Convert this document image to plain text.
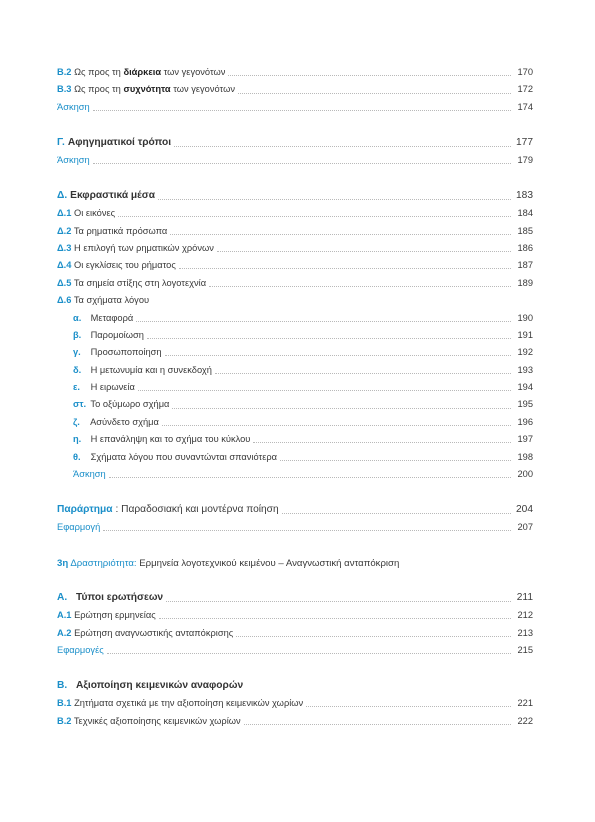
Β.2 Ως προς τη διάρκεια των γεγονότων	170
Β.3 Ως προς τη συχνότητα των γεγονότων	172
Άσκηση	174
Γ. Αφηγηματικοί τρόποι	177
Άσκηση	179
Δ. Εκφραστικά μέσα	183
Δ.1 Οι εικόνες	184
Δ.2 Τα ρηματικά πρόσωπα	185
Δ.3 Η επιλογή των ρηματικών χρόνων	186
Δ.4 Οι εγκλίσεις του ρήματος	187
Δ.5 Τα σημεία στίξης στη λογοτεχνία	189
Δ.6 Τα σχήματα λόγου
α. Μεταφορά	190
β. Παρομοίωση	191
γ. Προσωποποίηση	192
δ. Η μετωνυμία και η συνεκδοχή	193
ε. Η ειρωνεία	194
στ. Το οξύμωρο σχήμα	195
ζ. Ασύνδετο σχήμα	196
η. Η επανάληψη και το σχήμα του κύκλου	197
θ. Σχήματα λόγου που συναντώνται σπανιότερα	198
Άσκηση	200
Παράρτημα : Παραδοσιακή και μοντέρνα ποίηση	204
Εφαρμογή	207
3η Δραστηριότητα: Ερμηνεία λογοτεχνικού κειμένου – Αναγνωστική ανταπόκριση
Α. Τύποι ερωτήσεων	211
Α.1 Ερώτηση ερμηνείας	212
Α.2 Ερώτηση αναγνωστικής ανταπόκρισης	213
Εφαρμογές	215
Β. Αξιοποίηση κειμενικών αναφορών
Β.1 Ζητήματα σχετικά με την αξιοποίηση κειμενικών χωρίων	221
Β.2 Τεχνικές αξιοποίησης κειμενικών χωρίων	222
